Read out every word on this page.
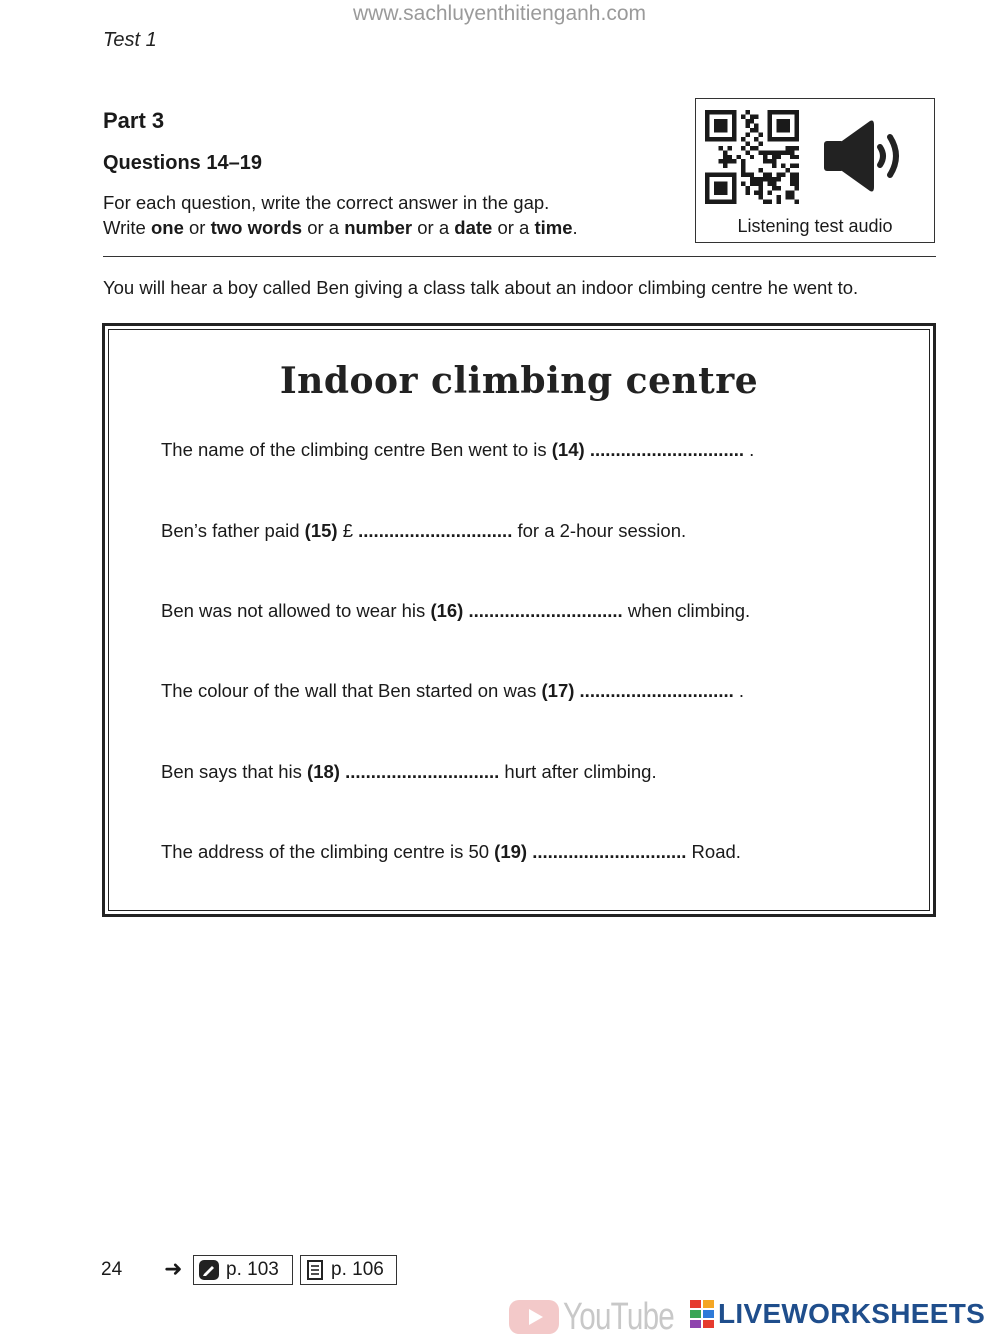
www.sachluyenthitienganh.com
Test 1
Part 3
Questions 14–19
For each question, write the correct answer in the gap.
Write one or two words or a number or a date or a time.	Listening test audio
You will hear a boy called Ben giving a class talk about an indoor climbing centre he went to.
Indoor climbing centre
The name of the climbing centre Ben went to is (14) .............................. .
Ben’s father paid (15) £ .............................. for a 2-hour session.
Ben was not allowed to wear his (16) .............................. when climbing.
The colour of the wall that Ben started on was (17) .............................. .
Ben says that his (18) .............................. hurt after climbing.
The address of the climbing centre is 50 (19) .............................. Road.
24 ➜ p. 103	p. 106
YouTube LIVEWORKSHEETS
